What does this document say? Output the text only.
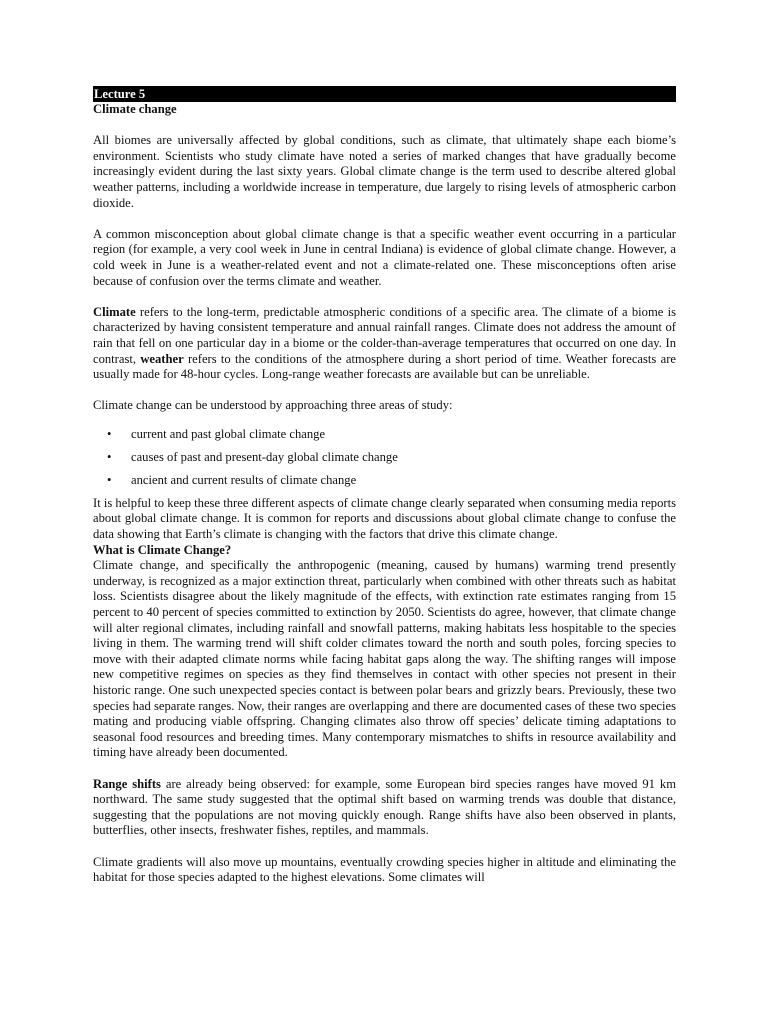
Lecture 5
Climate change

All biomes are universally affected by global conditions, such as climate, that ultimately shape each biome’s environment. Scientists who study climate have noted a series of marked changes that have gradually become increasingly evident during the last sixty years. Global climate change is the term used to describe altered global weather patterns, including a worldwide increase in temperature, due largely to rising levels of atmospheric carbon dioxide.

A common misconception about global climate change is that a specific weather event occurring in a particular region (for example, a very cool week in June in central Indiana) is evidence of global climate change. However, a cold week in June is a weather-related event and not a climate-related one. These misconceptions often arise because of confusion over the terms climate and weather.

Climate refers to the long-term, predictable atmospheric conditions of a specific area. The climate of a biome is characterized by having consistent temperature and annual rainfall ranges. Climate does not address the amount of rain that fell on one particular day in a biome or the colder-than-average temperatures that occurred on one day. In contrast, weather refers to the conditions of the atmosphere during a short period of time. Weather forecasts are usually made for 48-hour cycles. Long-range weather forecasts are available but can be unreliable.

Climate change can be understood by approaching three areas of study:

• current and past global climate change
• causes of past and present-day global climate change
• ancient and current results of climate change

It is helpful to keep these three different aspects of climate change clearly separated when consuming media reports about global climate change. It is common for reports and discussions about global climate change to confuse the data showing that Earth’s climate is changing with the factors that drive this climate change.

What is Climate Change?

Climate change, and specifically the anthropogenic (meaning, caused by humans) warming trend presently underway, is recognized as a major extinction threat, particularly when combined with other threats such as habitat loss. Scientists disagree about the likely magnitude of the effects, with extinction rate estimates ranging from 15 percent to 40 percent of species committed to extinction by 2050. Scientists do agree, however, that climate change will alter regional climates, including rainfall and snowfall patterns, making habitats less hospitable to the species living in them. The warming trend will shift colder climates toward the north and south poles, forcing species to move with their adapted climate norms while facing habitat gaps along the way. The shifting ranges will impose new competitive regimes on species as they find themselves in contact with other species not present in their historic range. One such unexpected species contact is between polar bears and grizzly bears. Previously, these two species had separate ranges. Now, their ranges are overlapping and there are documented cases of these two species mating and producing viable offspring. Changing climates also throw off species’ delicate timing adaptations to seasonal food resources and breeding times. Many contemporary mismatches to shifts in resource availability and timing have already been documented.

Range shifts are already being observed: for example, some European bird species ranges have moved 91 km northward. The same study suggested that the optimal shift based on warming trends was double that distance, suggesting that the populations are not moving quickly enough. Range shifts have also been observed in plants, butterflies, other insects, freshwater fishes, reptiles, and mammals.

Climate gradients will also move up mountains, eventually crowding species higher in altitude and eliminating the habitat for those species adapted to the highest elevations. Some climates will
